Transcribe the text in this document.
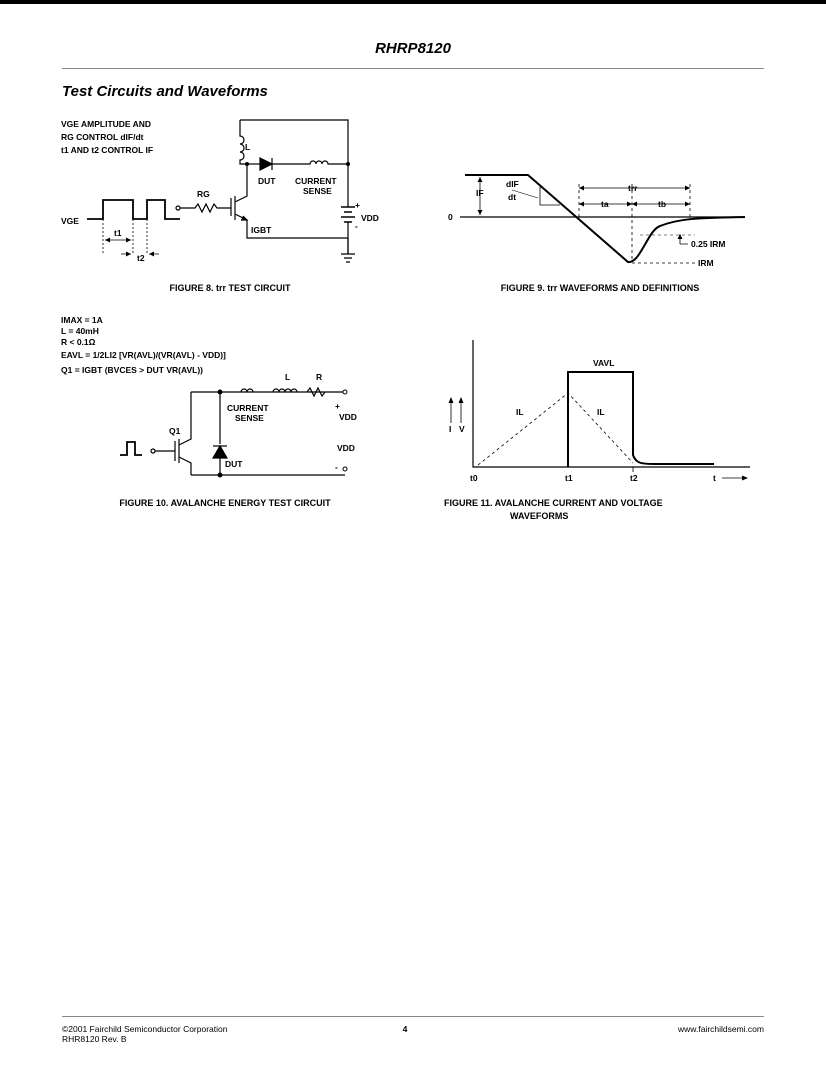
RHRP8120
Test Circuits and Waveforms
VGE AMPLITUDE AND
RG CONTROL dIF/dt
t1 AND t2 CONTROL IF
VGE
RG
L
DUT CURRENT
SENSE
IGBT
+
VDD
-
t1
t2
FIGURE 8. trr TEST CIRCUIT
IF
dIF
dt
0
trr
ta	tb
0.25 IRM
IRM
FIGURE 9. trr WAVEFORMS AND DEFINITIONS
IMAX = 1A
L = 40mH
R < 0.1Ω
EAVL = 1/2LI2 [VR(AVL)/(VR(AVL) - VDD)]
Q1 = IGBT (BVCES > DUT VR(AVL))
L	R
CURRENT
SENSE
+
VDD
VDD
-
Q1
DUT
FIGURE 10. AVALANCHE ENERGY TEST CIRCUIT
VAVL
I V
IL	IL
t0	t1	t2	t
FIGURE 11. AVALANCHE CURRENT AND VOLTAGE
WAVEFORMS
©2001 Fairchild Semiconductor Corporation
RHR8120 Rev. B
4	www.fairchildsemi.com
